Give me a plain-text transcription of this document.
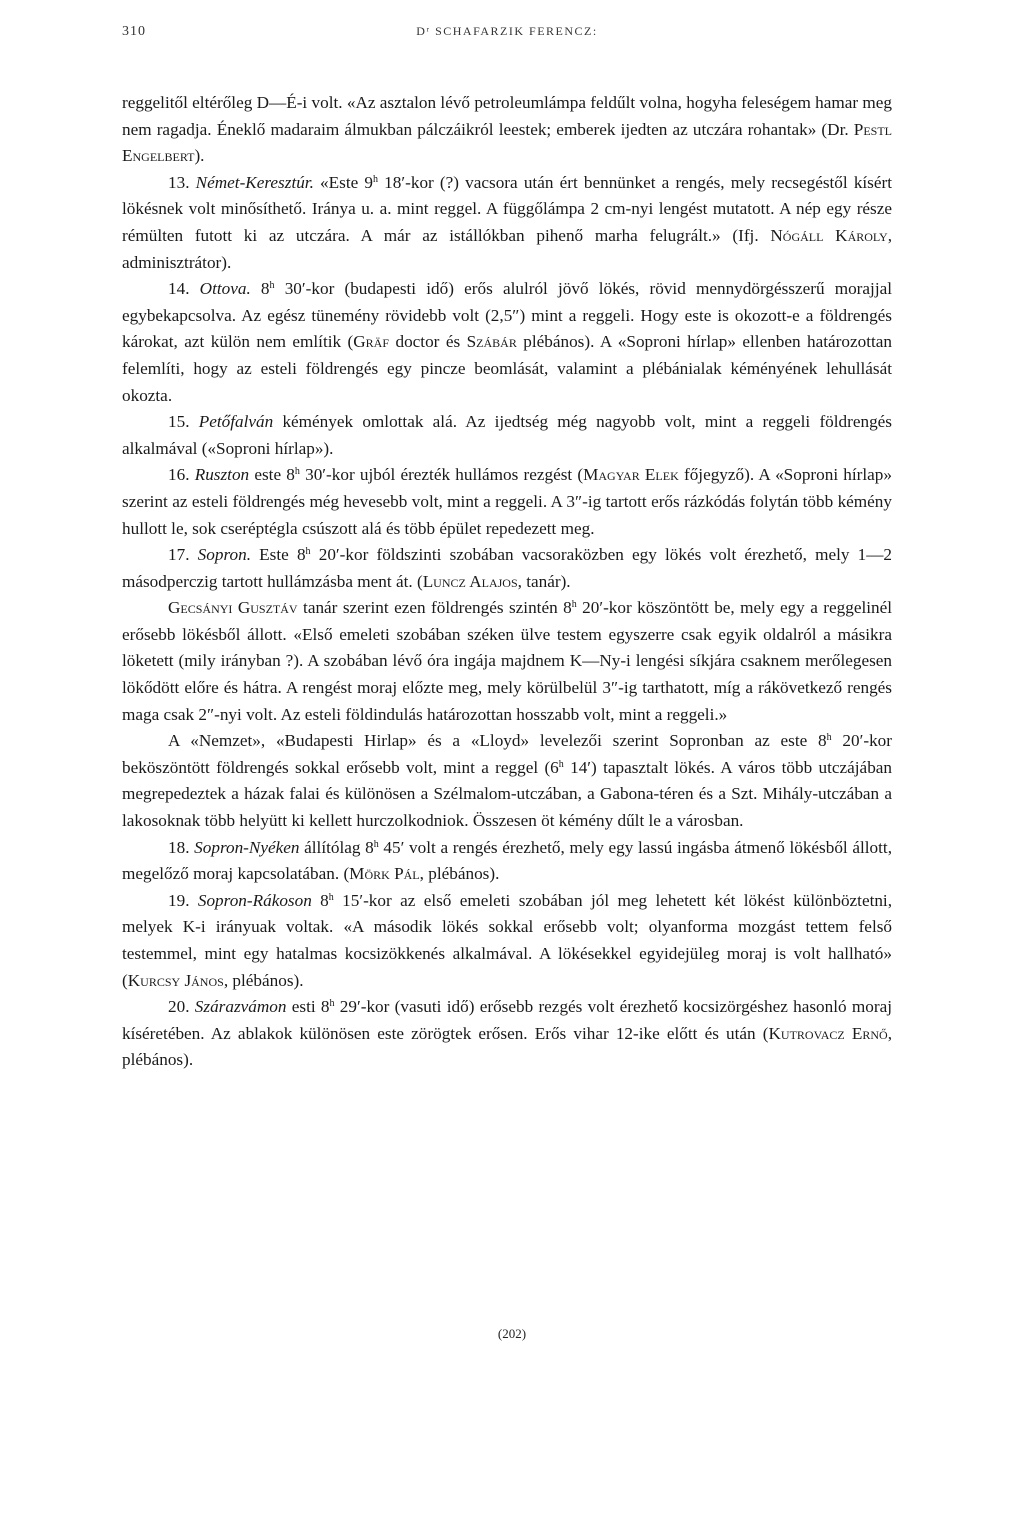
310	Dʳ SCHAFARZIK FERENCZ:

reggelitől eltérőleg D—É-i volt. «Az asztalon lévő petroleumlámpa feldűlt volna, hogyha feleségem hamar meg nem ragadja. Éneklő madaraim álmukban pálczáikról leestek; emberek ijedten az utczára rohantak» (Dr. Pestl Engelbert).

13. Német-Keresztúr. «Este 9$^h$ 18′-kor (?) vacsora után ért bennünket a rengés, mely recsegéstől kísért lökésnek volt minősíthető. Iránya u. a. mint reggel. A függőlámpa 2 cm-nyi lengést mutatott. A nép egy része rémülten futott ki az utczára. A már az istállókban pihenő marha felugrált.» (Ifj. Nógáll Károly, adminisztrátor).

14. Ottova. 8$^h$ 30′-kor (budapesti idő) erős alulról jövő lökés, rövid mennydörgésszerű morajjal egybekapcsolva. Az egész tünemény rövidebb volt (2,5″) mint a reggeli. Hogy este is okozott-e a földrengés károkat, azt külön nem említik (Gräf doctor és Szábár plébános). A «Soproni hírlap» ellenben határozottan felemlíti, hogy az esteli földrengés egy pincze beomlását, valamint a plébánialak kéményének lehullását okozta.

15. Petőfalván kémények omlottak alá. Az ijedtség még nagyobb volt, mint a reggeli földrengés alkalmával («Soproni hírlap»).

16. Ruszton este 8$^h$ 30′-kor ujból érezték hullámos rezgést (Magyar Elek főjegyző). A «Soproni hírlap» szerint az esteli földrengés még hevesebb volt, mint a reggeli. A 3″-ig tartott erős rázkódás folytán több kémény hullott le, sok cseréptégla csúszott alá és több épület repedezett meg.

17. Sopron. Este 8$^h$ 20′-kor földszinti szobában vacsoraközben egy lökés volt érezhető, mely 1—2 másodperczig tartott hullámzásba ment át. (Luncz Alajos, tanár).

Gecsányi Gusztáv tanár szerint ezen földrengés szintén 8$^h$ 20′-kor köszöntött be, mely egy a reggelinél erősebb lökésből állott. «Első emeleti szobában széken ülve testem egyszerre csak egyik oldalról a másikra löketett (mily irányban ?). A szobában lévő óra ingája majdnem K—Ny-i lengési síkjára csaknem merőlegesen lökődött előre és hátra. A rengést moraj előzte meg, mely körülbelül 3″-ig tarthatott, míg a rákövetkező rengés maga csak 2″-nyi volt. Az esteli földindulás határozottan hosszabb volt, mint a reggeli.»

A «Nemzet», «Budapesti Hirlap» és a «Lloyd» levelezői szerint Sopronban az este 8$^h$ 20′-kor beköszöntött földrengés sokkal erősebb volt, mint a reggel (6$^h$ 14′) tapasztalt lökés. A város több utczájában megrepedeztek a házak falai és különösen a Szélmalom-utczában, a Gabona-téren és a Szt. Mihály-utczában a lakosoknak több helyütt ki kellett hurczolkodniok. Összesen öt kémény dűlt le a városban.

18. Sopron-Nyéken állítólag 8$^h$ 45′ volt a rengés érezhető, mely egy lassú ingásba átmenő lökésből állott, megelőző moraj kapcsolatában. (Mörk Pál, plébános).

19. Sopron-Rákoson 8$^h$ 15′-kor az első emeleti szobában jól meg lehetett két lökést különböztetni, melyek K-i irányuak voltak. «A második lökés sokkal erősebb volt; olyanforma mozgást tettem felső testemmel, mint egy hatalmas kocsizökkenés alkalmával. A lökésekkel egyidejüleg moraj is volt hallható» (Kurcsy János, plébános).

20. Szárazvámon esti 8$^h$ 29′-kor (vasuti idő) erősebb rezgés volt érezhető kocsizörgéshez hasonló moraj kíséretében. Az ablakok különösen este zörögtek erősen. Erős vihar 12-ike előtt és után (Kutrovacz Ernő, plébános).

(202)
